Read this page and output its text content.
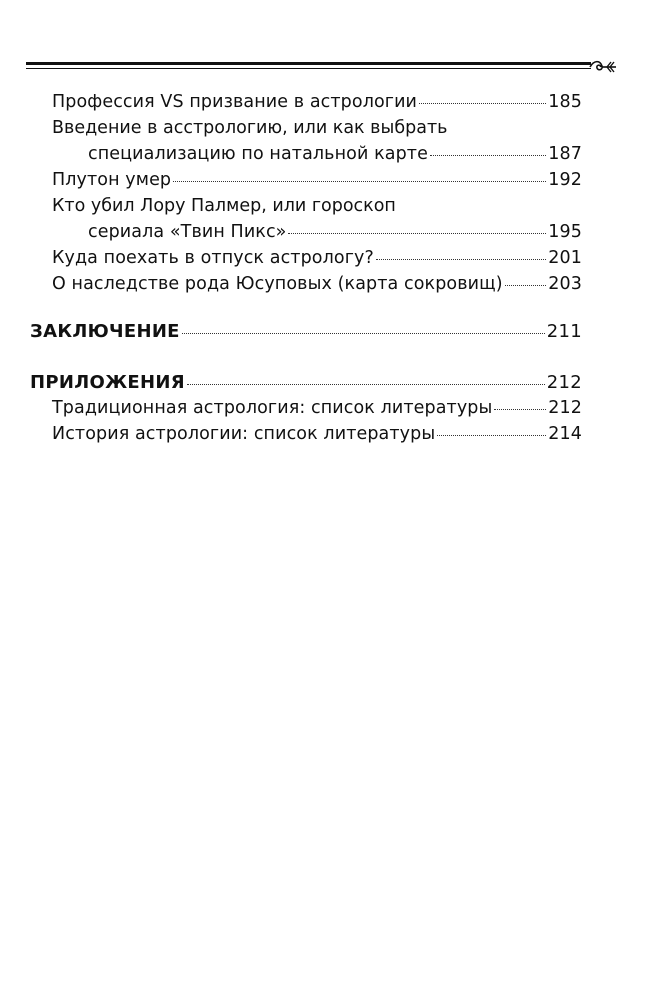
Профессия VS призвание в астрологии	185
Введение в асстрологию, или как выбрать
специализацию по натальной карте	187
Плутон умер	192
Кто убил Лору Палмер, или гороскоп
сериала «Твин Пикс»	195
Куда поехать в отпуск астрологу?	201
О наследстве рода Юсуповых (карта сокровищ)	203
ЗАКЛЮЧЕНИЕ	211
ПРИЛОЖЕНИЯ	212
Традиционная астрология: список литературы	212
История астрологии: список литературы	214
